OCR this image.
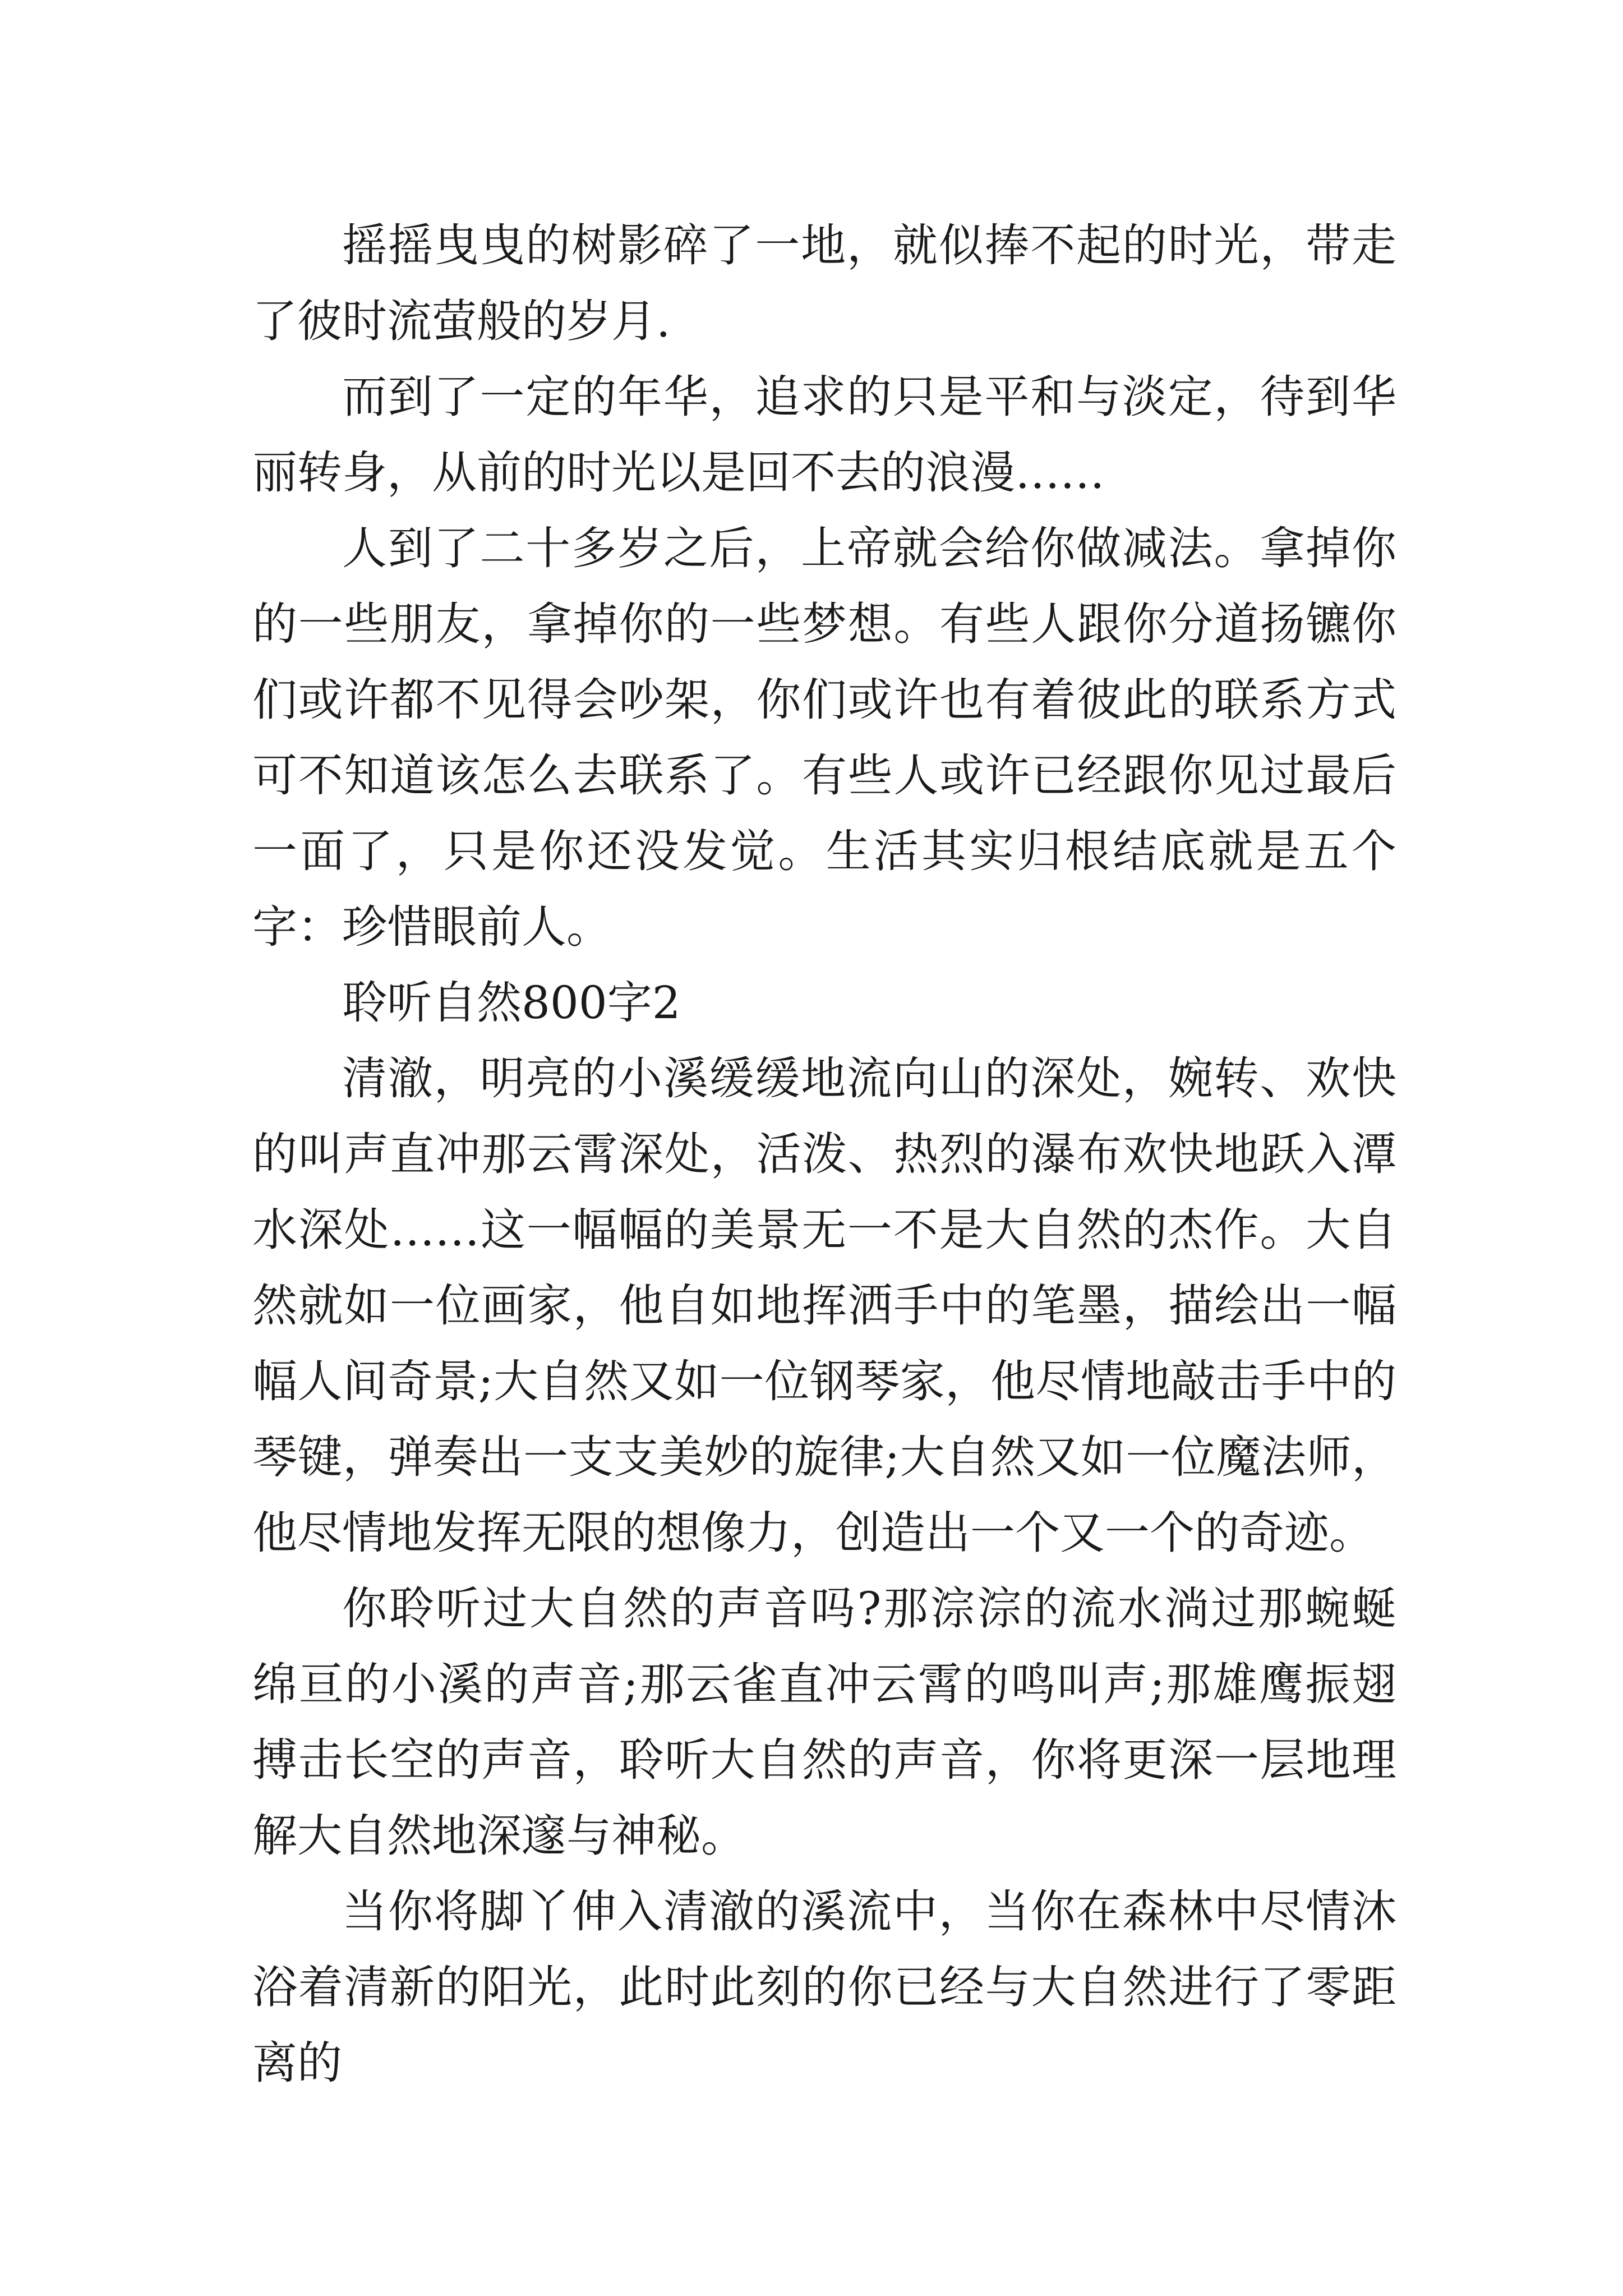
摇摇曳曳的树影碎了一地，就似捧不起的时光，带走了彼时流萤般的岁月.

而到了一定的年华，追求的只是平和与淡定，待到华丽转身，从前的时光以是回不去的浪漫……

人到了二十多岁之后，上帝就会给你做减法。拿掉你的一些朋友，拿掉你的一些梦想。有些人跟你分道扬镳你们或许都不见得会吵架，你们或许也有着彼此的联系方式可不知道该怎么去联系了。有些人或许已经跟你见过最后一面了，只是你还没发觉。生活其实归根结底就是五个字：珍惜眼前人。

聆听自然800字2

清澈，明亮的小溪缓缓地流向山的深处，婉转、欢快的叫声直冲那云霄深处，活泼、热烈的瀑布欢快地跃入潭水深处……这一幅幅的美景无一不是大自然的杰作。大自然就如一位画家，他自如地挥洒手中的笔墨，描绘出一幅幅人间奇景;大自然又如一位钢琴家，他尽情地敲击手中的琴键，弹奏出一支支美妙的旋律;大自然又如一位魔法师，他尽情地发挥无限的想像力，创造出一个又一个的奇迹。

你聆听过大自然的声音吗?那淙淙的流水淌过那蜿蜒绵亘的小溪的声音;那云雀直冲云霄的鸣叫声;那雄鹰振翅搏击长空的声音，聆听大自然的声音，你将更深一层地理解大自然地深邃与神秘。

当你将脚丫伸入清澈的溪流中，当你在森林中尽情沐浴着清新的阳光，此时此刻的你已经与大自然进行了零距离的
